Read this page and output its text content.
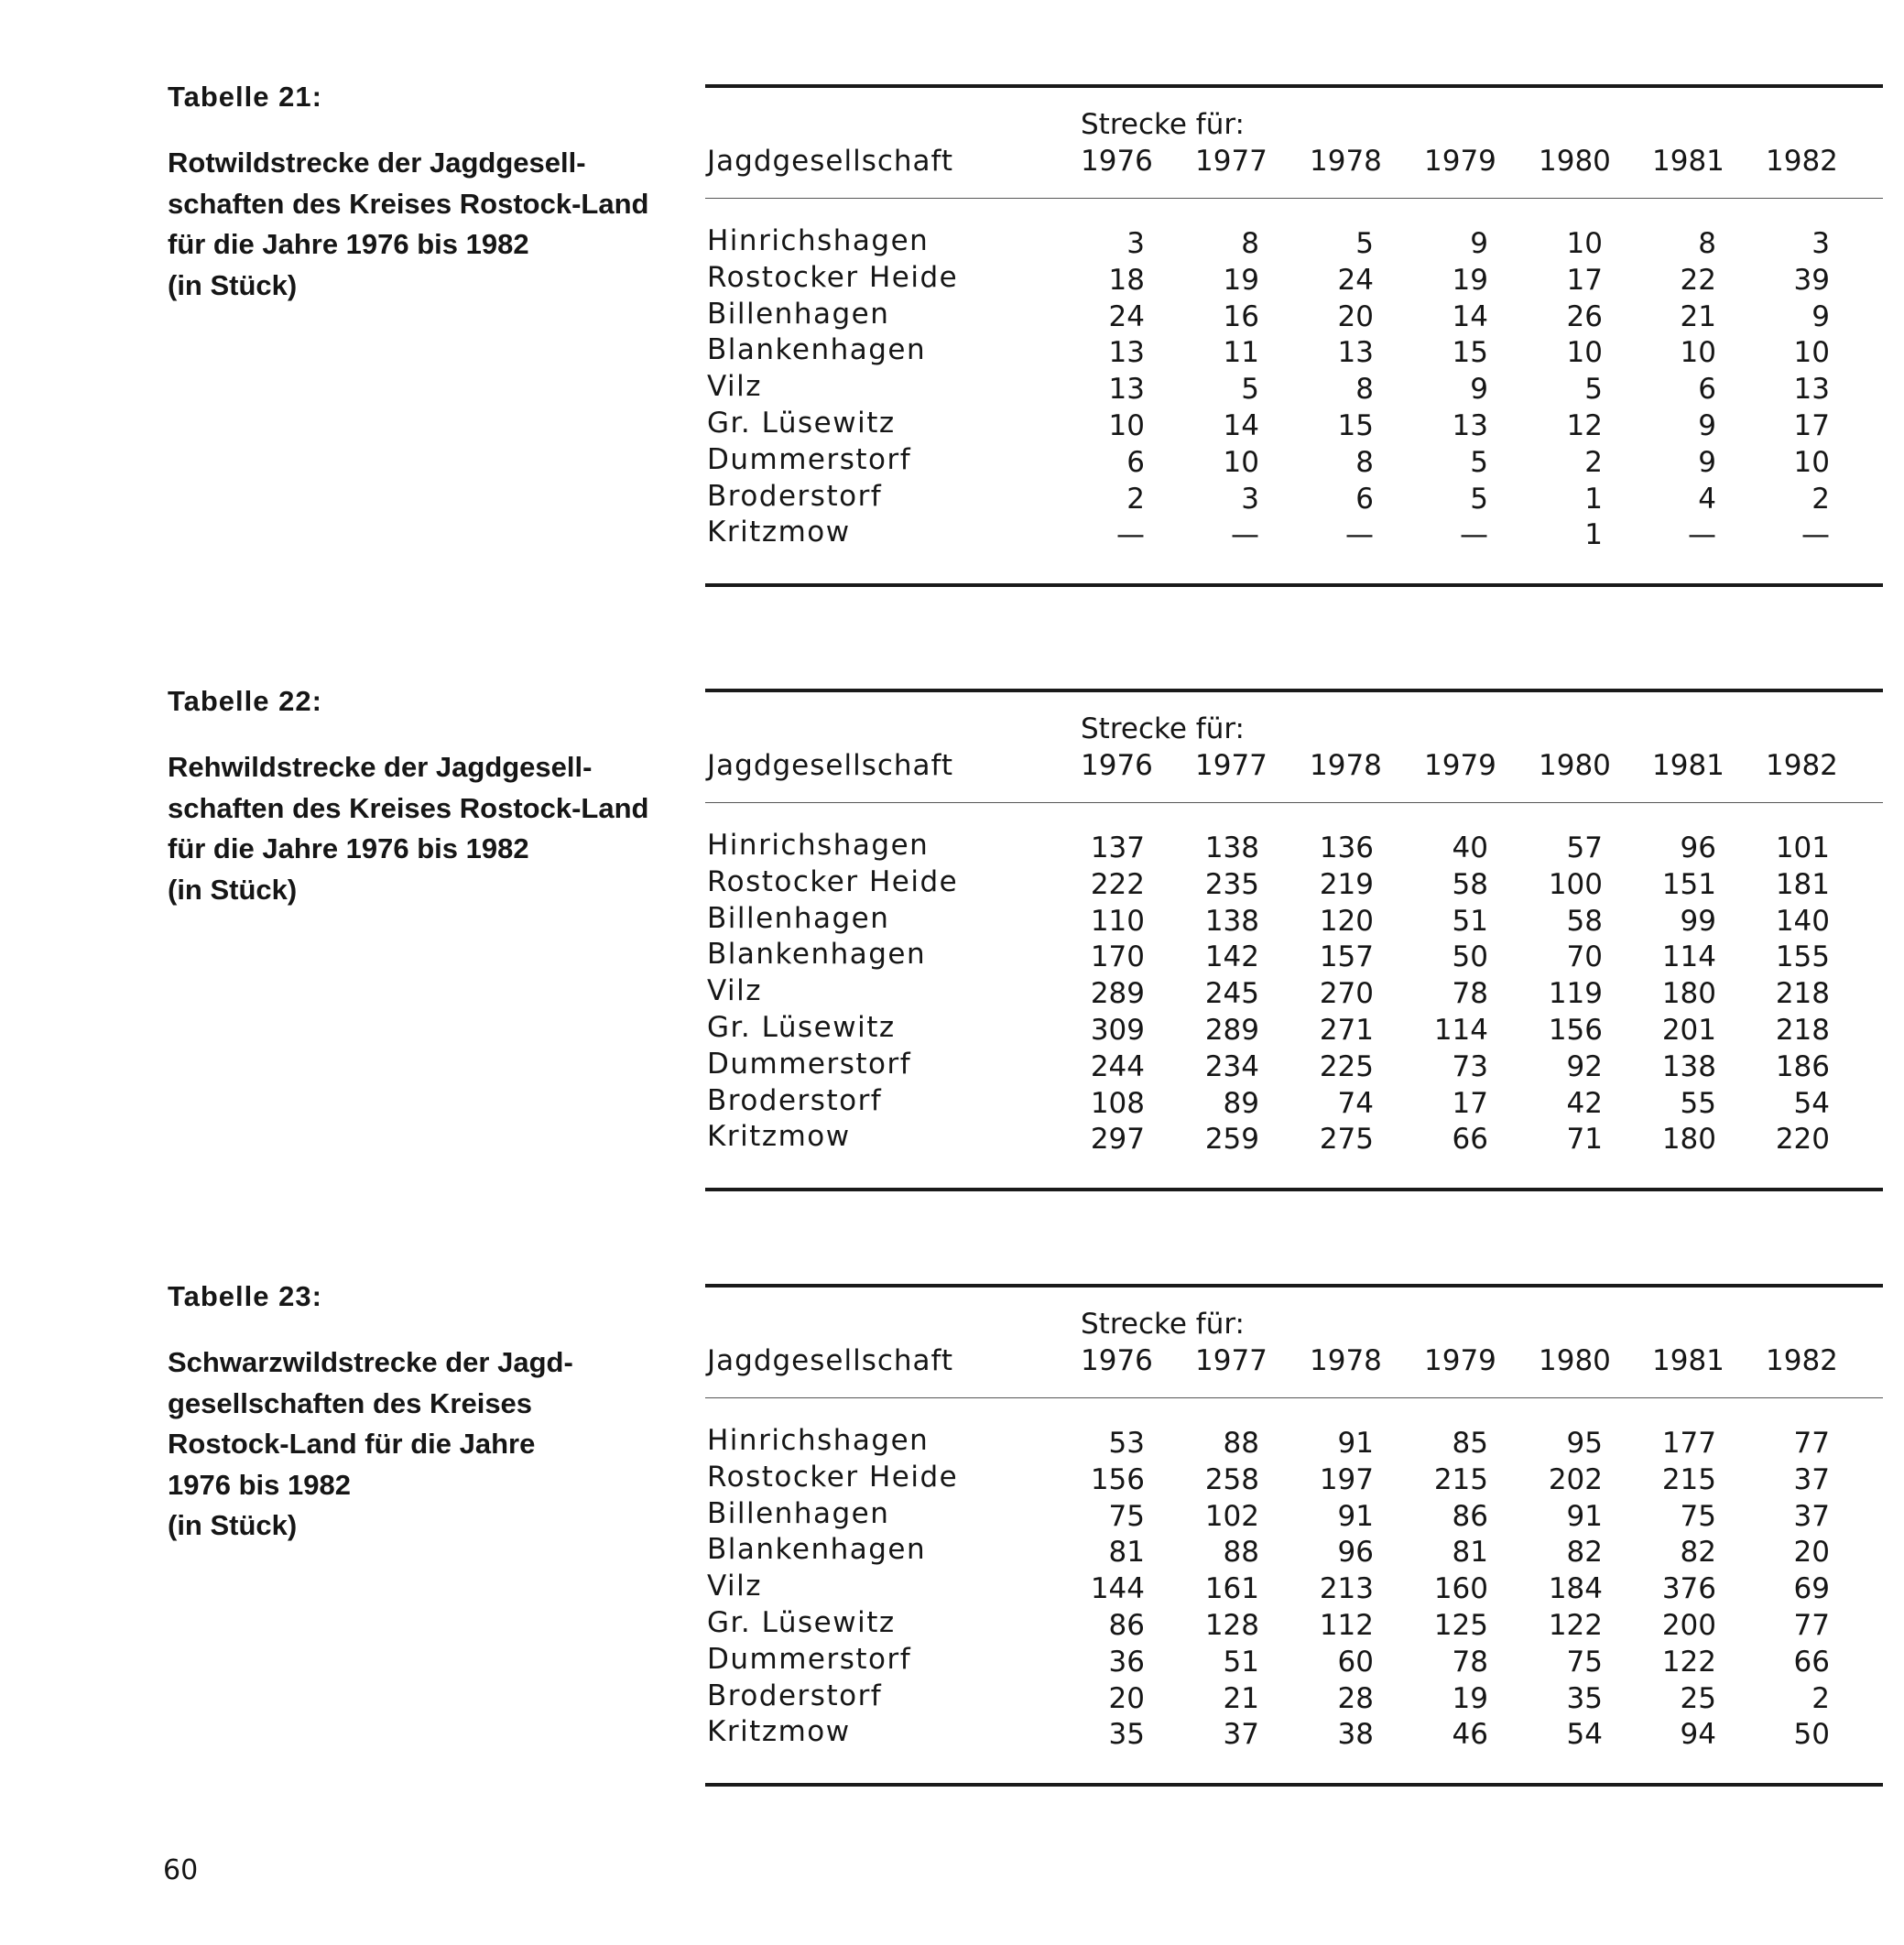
Tabelle 21:
Rotwildstrecke der Jagdgesell-
schaften des Kreises Rostock-Land
für die Jahre 1976 bis 1982
(in Stück)
Strecke für:
Jagdgesellschaft	1976	1977	1978	1979	1980	1981	1982
Hinrichshagen	3	8	5	9	10	8	3
Rostocker Heide	18	19	24	19	17	22	39
Billenhagen	24	16	20	14	26	21	9
Blankenhagen	13	11	13	15	10	10	10
Vilz	13	5	8	9	5	6	13
Gr. Lüsewitz	10	14	15	13	12	9	17
Dummerstorf	6	10	8	5	2	9	10
Broderstorf	2	3	6	5	1	4	2
Kritzmow	—	—	—	—	1	—	—
Tabelle 22:
Rehwildstrecke der Jagdgesell-
schaften des Kreises Rostock-Land
für die Jahre 1976 bis 1982
(in Stück)
Strecke für:
Jagdgesellschaft	1976	1977	1978	1979	1980	1981	1982
Hinrichshagen	137	138	136	40	57	96	101
Rostocker Heide	222	235	219	58	100	151	181
Billenhagen	110	138	120	51	58	99	140
Blankenhagen	170	142	157	50	70	114	155
Vilz	289	245	270	78	119	180	218
Gr. Lüsewitz	309	289	271	114	156	201	218
Dummerstorf	244	234	225	73	92	138	186
Broderstorf	108	89	74	17	42	55	54
Kritzmow	297	259	275	66	71	180	220
Tabelle 23:
Schwarzwildstrecke der Jagd-
gesellschaften des Kreises
Rostock-Land für die Jahre
1976 bis 1982
(in Stück)
Strecke für:
Jagdgesellschaft	1976	1977	1978	1979	1980	1981	1982
Hinrichshagen	53	88	91	85	95	177	77
Rostocker Heide	156	258	197	215	202	215	37
Billenhagen	75	102	91	86	91	75	37
Blankenhagen	81	88	96	81	82	82	20
Vilz	144	161	213	160	184	376	69
Gr. Lüsewitz	86	128	112	125	122	200	77
Dummerstorf	36	51	60	78	75	122	66
Broderstorf	20	21	28	19	35	25	2
Kritzmow	35	37	38	46	54	94	50
60
